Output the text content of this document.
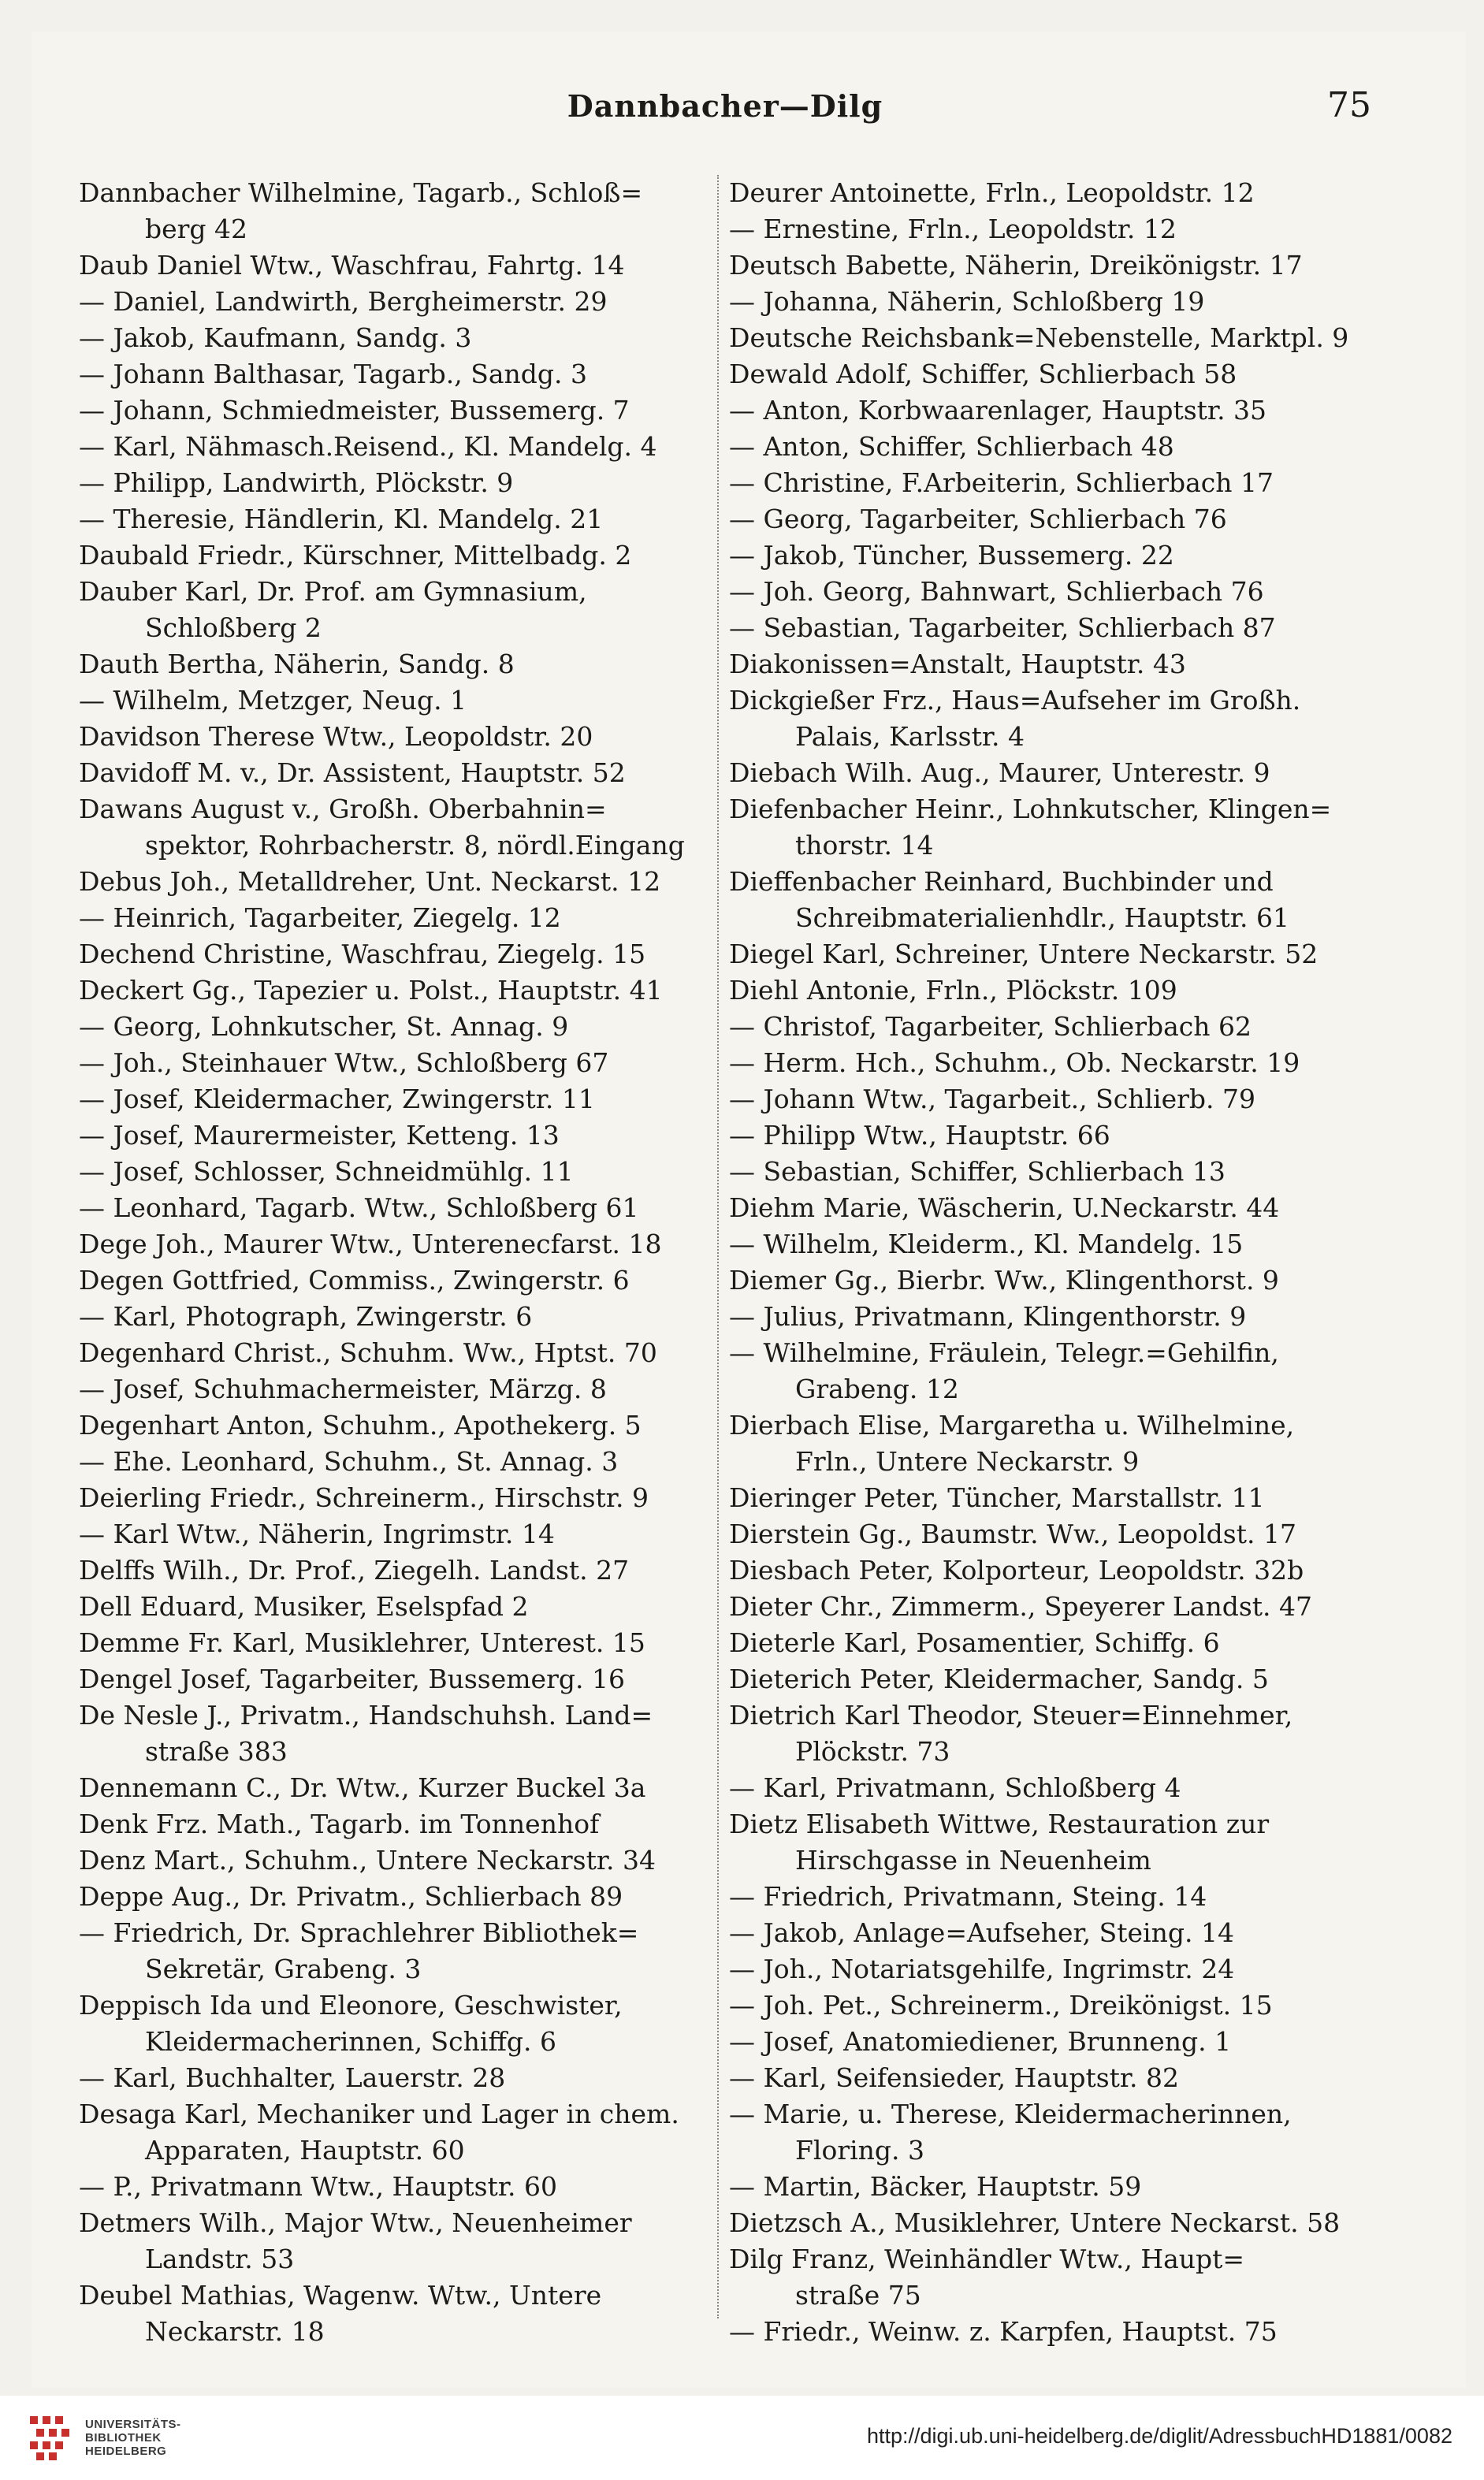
Dannbacher—Dilg	75
Dannbacher Wilhelmine, Tagarb., Schloß=
berg 42
Daub Daniel Wtw., Waschfrau, Fahrtg. 14
— Daniel, Landwirth, Bergheimerstr. 29
— Jakob, Kaufmann, Sandg. 3
— Johann Balthasar, Tagarb., Sandg. 3
— Johann, Schmiedmeister, Bussemerg. 7
— Karl, Nähmasch.Reisend., Kl. Mandelg. 4
— Philipp, Landwirth, Plöckstr. 9
— Theresie, Händlerin, Kl. Mandelg. 21
Daubald Friedr., Kürschner, Mittelbadg. 2
Dauber Karl, Dr. Prof. am Gymnasium,
Schloßberg 2
Dauth Bertha, Näherin, Sandg. 8
— Wilhelm, Metzger, Neug. 1
Davidson Therese Wtw., Leopoldstr. 20
Davidoff M. v., Dr. Assistent, Hauptstr. 52
Dawans August v., Großh. Oberbahnin=
spektor, Rohrbacherstr. 8, nördl.Eingang
Debus Joh., Metalldreher, Unt. Neckarst. 12
— Heinrich, Tagarbeiter, Ziegelg. 12
Dechend Christine, Waschfrau, Ziegelg. 15
Deckert Gg., Tapezier u. Polst., Hauptstr. 41
— Georg, Lohnkutscher, St. Annag. 9
— Joh., Steinhauer Wtw., Schloßberg 67
— Josef, Kleidermacher, Zwingerstr. 11
— Josef, Maurermeister, Ketteng. 13
— Josef, Schlosser, Schneidmühlg. 11
— Leonhard, Tagarb. Wtw., Schloßberg 61
Dege Joh., Maurer Wtw., Unterenecfarst. 18
Degen Gottfried, Commiss., Zwingerstr. 6
— Karl, Photograph, Zwingerstr. 6
Degenhard Christ., Schuhm. Ww., Hptst. 70
— Josef, Schuhmachermeister, Märzg. 8
Degenhart Anton, Schuhm., Apothekerg. 5
— Ehe. Leonhard, Schuhm., St. Annag. 3
Deierling Friedr., Schreinerm., Hirschstr. 9
— Karl Wtw., Näherin, Ingrimstr. 14
Delffs Wilh., Dr. Prof., Ziegelh. Landst. 27
Dell Eduard, Musiker, Eselspfad 2
Demme Fr. Karl, Musiklehrer, Unterest. 15
Dengel Josef, Tagarbeiter, Bussemerg. 16
De Nesle J., Privatm., Handschuhsh. Land=
straße 383
Dennemann C., Dr. Wtw., Kurzer Buckel 3a
Denk Frz. Math., Tagarb. im Tonnenhof
Denz Mart., Schuhm., Untere Neckarstr. 34
Deppe Aug., Dr. Privatm., Schlierbach 89
— Friedrich, Dr. Sprachlehrer Bibliothek=
Sekretär, Grabeng. 3
Deppisch Ida und Eleonore, Geschwister,
Kleidermacherinnen, Schiffg. 6
— Karl, Buchhalter, Lauerstr. 28
Desaga Karl, Mechaniker und Lager in chem.
Apparaten, Hauptstr. 60
— P., Privatmann Wtw., Hauptstr. 60
Detmers Wilh., Major Wtw., Neuenheimer
Landstr. 53
Deubel Mathias, Wagenw. Wtw., Untere
Neckarstr. 18
Deurer Antoinette, Frln., Leopoldstr. 12
— Ernestine, Frln., Leopoldstr. 12
Deutsch Babette, Näherin, Dreikönigstr. 17
— Johanna, Näherin, Schloßberg 19
Deutsche Reichsbank=Nebenstelle, Marktpl. 9
Dewald Adolf, Schiffer, Schlierbach 58
— Anton, Korbwaarenlager, Hauptstr. 35
— Anton, Schiffer, Schlierbach 48
— Christine, F.Arbeiterin, Schlierbach 17
— Georg, Tagarbeiter, Schlierbach 76
— Jakob, Tüncher, Bussemerg. 22
— Joh. Georg, Bahnwart, Schlierbach 76
— Sebastian, Tagarbeiter, Schlierbach 87
Diakonissen=Anstalt, Hauptstr. 43
Dickgießer Frz., Haus=Aufseher im Großh.
Palais, Karlsstr. 4
Diebach Wilh. Aug., Maurer, Unterestr. 9
Diefenbacher Heinr., Lohnkutscher, Klingen=
thorstr. 14
Dieffenbacher Reinhard, Buchbinder und
Schreibmaterialienhdlr., Hauptstr. 61
Diegel Karl, Schreiner, Untere Neckarstr. 52
Diehl Antonie, Frln., Plöckstr. 109
— Christof, Tagarbeiter, Schlierbach 62
— Herm. Hch., Schuhm., Ob. Neckarstr. 19
— Johann Wtw., Tagarbeit., Schlierb. 79
— Philipp Wtw., Hauptstr. 66
— Sebastian, Schiffer, Schlierbach 13
Diehm Marie, Wäscherin, U.Neckarstr. 44
— Wilhelm, Kleiderm., Kl. Mandelg. 15
Diemer Gg., Bierbr. Ww., Klingenthorst. 9
— Julius, Privatmann, Klingenthorstr. 9
— Wilhelmine, Fräulein, Telegr.=Gehilfin,
Grabeng. 12
Dierbach Elise, Margaretha u. Wilhelmine,
Frln., Untere Neckarstr. 9
Dieringer Peter, Tüncher, Marstallstr. 11
Dierstein Gg., Baumstr. Ww., Leopoldst. 17
Diesbach Peter, Kolporteur, Leopoldstr. 32b
Dieter Chr., Zimmerm., Speyerer Landst. 47
Dieterle Karl, Posamentier, Schiffg. 6
Dieterich Peter, Kleidermacher, Sandg. 5
Dietrich Karl Theodor, Steuer=Einnehmer,
Plöckstr. 73
— Karl, Privatmann, Schloßberg 4
Dietz Elisabeth Wittwe, Restauration zur
Hirschgasse in Neuenheim
— Friedrich, Privatmann, Steing. 14
— Jakob, Anlage=Aufseher, Steing. 14
— Joh., Notariatsgehilfe, Ingrimstr. 24
— Joh. Pet., Schreinerm., Dreikönigst. 15
— Josef, Anatomiediener, Brunneng. 1
— Karl, Seifensieder, Hauptstr. 82
— Marie, u. Therese, Kleidermacherinnen,
Floring. 3
— Martin, Bäcker, Hauptstr. 59
Dietzsch A., Musiklehrer, Untere Neckarst. 58
Dilg Franz, Weinhändler Wtw., Haupt=
straße 75
— Friedr., Weinw. z. Karpfen, Hauptst. 75
UNIVERSITÄTS-
BIBLIOTHEK
HEIDELBERG
http://digi.ub.uni-heidelberg.de/diglit/AdressbuchHD1881/0082
